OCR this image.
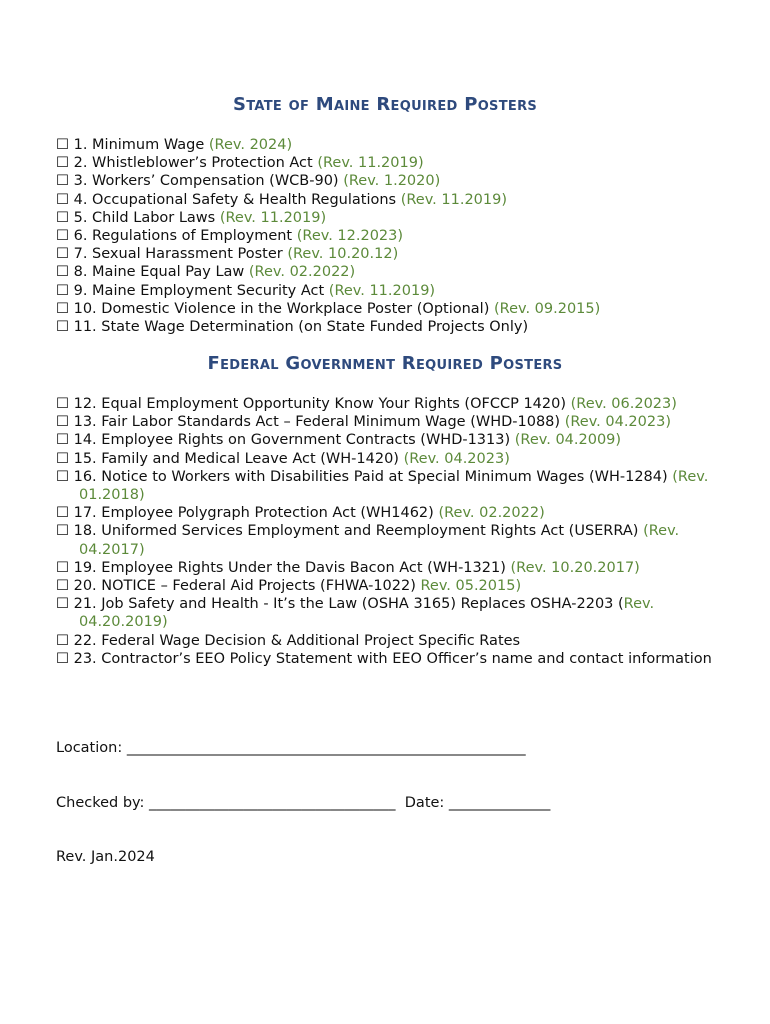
State of Maine Required Posters
☐ 1. Minimum Wage (Rev. 2024)
☐ 2. Whistleblower’s Protection Act (Rev. 11.2019)
☐ 3. Workers’ Compensation (WCB-90) (Rev. 1.2020)
☐ 4. Occupational Safety & Health Regulations (Rev. 11.2019)
☐ 5. Child Labor Laws (Rev. 11.2019)
☐ 6. Regulations of Employment (Rev. 12.2023)
☐ 7. Sexual Harassment Poster (Rev. 10.20.12)
☐ 8. Maine Equal Pay Law (Rev. 02.2022)
☐ 9. Maine Employment Security Act (Rev. 11.2019)
☐ 10. Domestic Violence in the Workplace Poster (Optional) (Rev. 09.2015)
☐ 11. State Wage Determination (on State Funded Projects Only)
Federal Government Required Posters
☐ 12. Equal Employment Opportunity Know Your Rights (OFCCP 1420) (Rev. 06.2023)
☐ 13. Fair Labor Standards Act – Federal Minimum Wage (WHD-1088) (Rev. 04.2023)
☐ 14. Employee Rights on Government Contracts (WHD-1313) (Rev. 04.2009)
☐ 15. Family and Medical Leave Act (WH-1420) (Rev. 04.2023)
☐ 16. Notice to Workers with Disabilities Paid at Special Minimum Wages (WH-1284) (Rev. 01.2018)
☐ 17. Employee Polygraph Protection Act (WH1462) (Rev. 02.2022)
☐ 18. Uniformed Services Employment and Reemployment Rights Act (USERRA) (Rev. 04.2017)
☐ 19. Employee Rights Under the Davis Bacon Act (WH-1321) (Rev. 10.20.2017)
☐ 20. NOTICE – Federal Aid Projects (FHWA-1022) Rev. 05.2015)
☐ 21. Job Safety and Health - It’s the Law (OSHA 3165) Replaces OSHA-2203 (Rev. 04.20.2019)
☐ 22. Federal Wage Decision & Additional Project Specific Rates
☐ 23. Contractor’s EEO Policy Statement with EEO Officer’s name and contact information
Location: _______________________________________________________
Checked by: __________________________________  Date: ______________
Rev. Jan.2024
